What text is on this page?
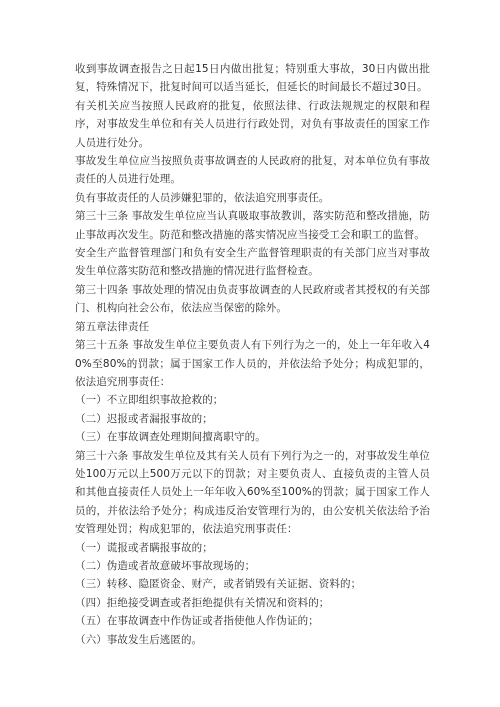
收到事故调查报告之日起15日内做出批复；特别重大事故，30日内做出批复，特殊情况下，批复时间可以适当延长，但延长的时间最长不超过30日。

有关机关应当按照人民政府的批复，依照法律、行政法规规定的权限和程序，对事故发生单位和有关人员进行行政处罚，对负有事故责任的国家工作人员进行处分。

事故发生单位应当按照负责事故调查的人民政府的批复，对本单位负有事故责任的人员进行处理。

负有事故责任的人员涉嫌犯罪的，依法追究刑事责任。

第三十三条 事故发生单位应当认真吸取事故教训，落实防范和整改措施，防止事故再次发生。防范和整改措施的落实情况应当接受工会和职工的监督。

安全生产监督管理部门和负有安全生产监督管理职责的有关部门应当对事故发生单位落实防范和整改措施的情况进行监督检查。

第三十四条 事故处理的情况由负责事故调查的人民政府或者其授权的有关部门、机构向社会公布，依法应当保密的除外。

第五章法律责任

第三十五条 事故发生单位主要负责人有下列行为之一的，处上一年年收入40%至80%的罚款；属于国家工作人员的，并依法给予处分；构成犯罪的，依法追究刑事责任：

（一）不立即组织事故抢救的；

（二）迟报或者漏报事故的；

（三）在事故调查处理期间擅离职守的。

第三十六条 事故发生单位及其有关人员有下列行为之一的，对事故发生单位处100万元以上500万元以下的罚款；对主要负责人、直接负责的主管人员和其他直接责任人员处上一年年收入60%至100%的罚款；属于国家工作人员的，并依法给予处分；构成违反治安管理行为的，由公安机关依法给予治安管理处罚；构成犯罪的，依法追究刑事责任：

（一）谎报或者瞒报事故的；

（二）伪造或者故意破坏事故现场的；

（三）转移、隐匿资金、财产，或者销毁有关证据、资料的；

（四）拒绝接受调查或者拒绝提供有关情况和资料的；

（五）在事故调查中作伪证或者指使他人作伪证的；

（六）事故发生后逃匿的。
